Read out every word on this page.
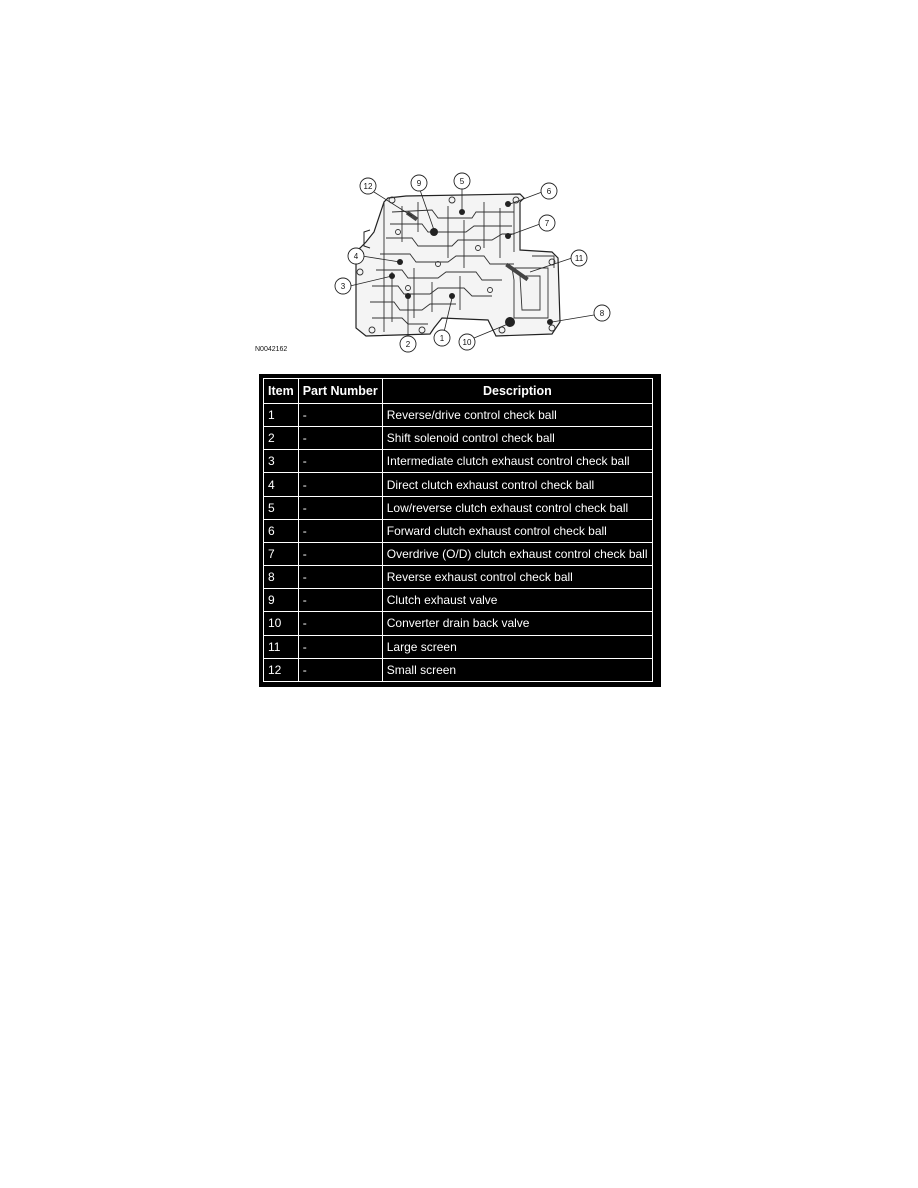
12	9	5
6
7
11
4
3
8
2
1 10
N0042162
Item	Part Number	Description
1	-	Reverse/drive control check ball
2	-	Shift solenoid control check ball
3	-	Intermediate clutch exhaust control check ball
4	-	Direct clutch exhaust control check ball
5	-	Low/reverse clutch exhaust control check ball
6	-	Forward clutch exhaust control check ball
7	-	Overdrive (O/D) clutch exhaust control check ball
8	-	Reverse exhaust control check ball
9	-	Clutch exhaust valve
10	-	Converter drain back valve
11	-	Large screen
12	-	Small screen
